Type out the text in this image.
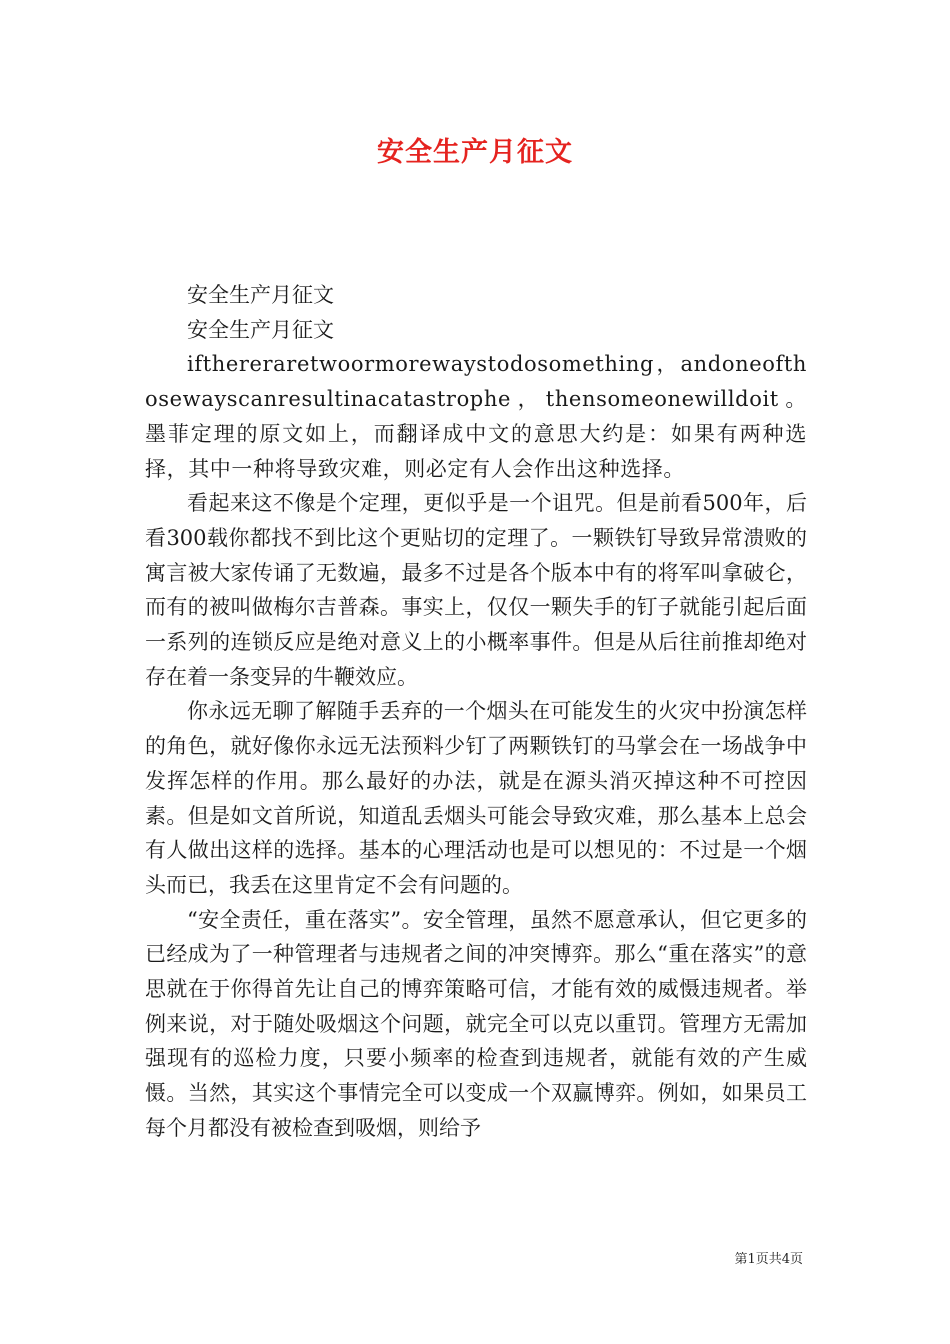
安全生产月征文

安全生产月征文

安全生产月征文

ifthereraretwoormorewaystodosomething，andoneofthosewayscanresultinacatastrophe，thensomeonewilldoit。墨菲定理的原文如上，而翻译成中文的意思大约是：如果有两种选择，其中一种将导致灾难，则必定有人会作出这种选择。

看起来这不像是个定理，更似乎是一个诅咒。但是前看500年，后看300载你都找不到比这个更贴切的定理了。一颗铁钉导致异常溃败的寓言被大家传诵了无数遍，最多不过是各个版本中有的将军叫拿破仑，而有的被叫做梅尔吉普森。事实上，仅仅一颗失手的钉子就能引起后面一系列的连锁反应是绝对意义上的小概率事件。但是从后往前推却绝对存在着一条变异的牛鞭效应。

你永远无聊了解随手丢弃的一个烟头在可能发生的火灾中扮演怎样的角色，就好像你永远无法预料少钉了两颗铁钉的马掌会在一场战争中发挥怎样的作用。那么最好的办法，就是在源头消灭掉这种不可控因素。但是如文首所说，知道乱丢烟头可能会导致灾难，那么基本上总会有人做出这样的选择。基本的心理活动也是可以想见的：不过是一个烟头而已，我丢在这里肯定不会有问题的。

“安全责任，重在落实”。安全管理，虽然不愿意承认，但它更多的已经成为了一种管理者与违规者之间的冲突博弈。那么“重在落实”的意思就在于你得首先让自己的博弈策略可信，才能有效的威慑违规者。举例来说，对于随处吸烟这个问题，就完全可以克以重罚。管理方无需加强现有的巡检力度，只要小频率的检查到违规者，就能有效的产生威慑。当然，其实这个事情完全可以变成一个双赢博弈。例如，如果员工每个月都没有被检查到吸烟，则给予

第1页共4页
